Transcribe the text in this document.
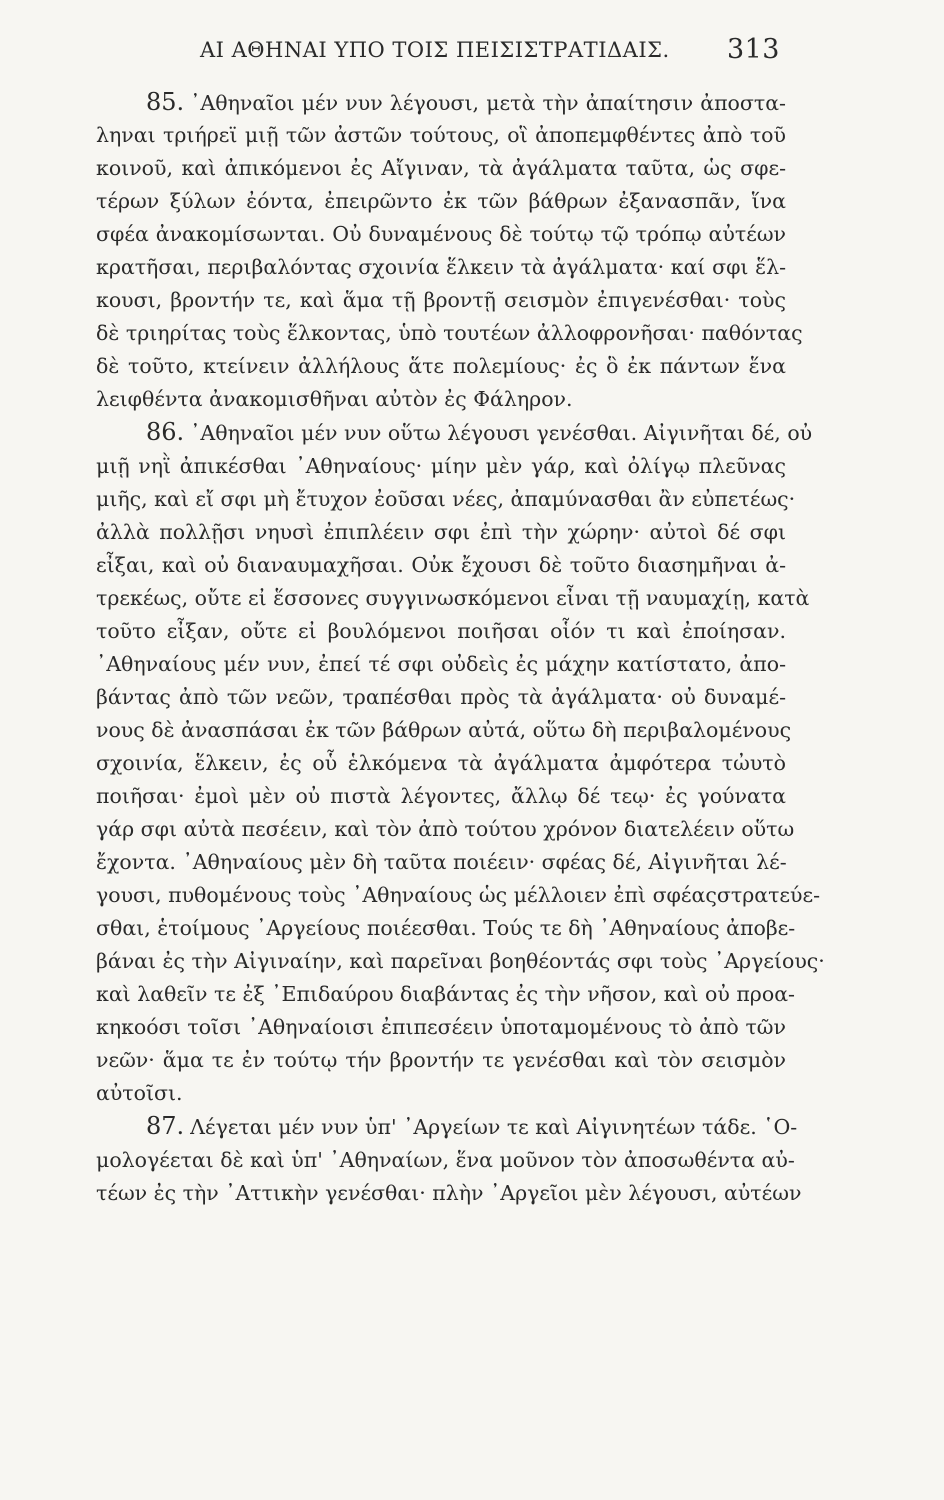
ΑΙ ΑΘΗΝΑΙ ΥΠΟ ΤΟΙΣ ΠΕΙΣΙΣΤΡΑΤΙΔΑΙΣ. 313
85. ᾿Αθηναῖοι μέν νυν λέγουσι, μετὰ τὴν ἀπαίτησιν ἀποστα-
ληναι τριήρεϊ μιῇ τῶν ἀστῶν τούτους, οἳ ἀποπεμφθέντες ἀπὸ τοῦ
κοινοῦ, καὶ ἀπικόμενοι ἐς Αἴγιναν, τὰ ἀγάλματα ταῦτα, ὡς σφε-
τέρων ξύλων ἐόντα, ἐπειρῶντο ἐκ τῶν βάθρων ἐξανασπᾶν, ἵνα
σφέα ἀνακομίσωνται. Οὐ δυναμένους δὲ τούτῳ τῷ τρόπῳ αὐτέων
κρατῆσαι, περιβαλόντας σχοινία ἕλκειν τὰ ἀγάλματα· καί σφι ἕλ-
κουσι, βροντήν τε, καὶ ἅμα τῇ βροντῇ σεισμὸν ἐπιγενέσθαι· τοὺς
δὲ τριηρίτας τοὺς ἕλκοντας, ὑπὸ τουτέων ἀλλοφρονῆσαι· παθόντας
δὲ τοῦτο, κτείνειν ἀλλήλους ἅτε πολεμίους· ἐς ὃ ἐκ πάντων ἕνα
λειφθέντα ἀνακομισθῆναι αὐτὸν ἐς Φάληρον.
86. ᾿Αθηναῖοι μέν νυν οὕτω λέγουσι γενέσθαι. Αἰγινῆται δέ, οὐ
μιῇ νηῒ ἀπικέσθαι ᾿Αθηναίους· μίην μὲν γάρ, καὶ ὀλίγῳ πλεῦνας
μιῆς, καὶ εἴ σφι μὴ ἔτυχον ἐοῦσαι νέες, ἀπαμύνασθαι ἂν εὐπετέως·
ἀλλὰ πολλῇσι νηυσὶ ἐπιπλέειν σφι ἐπὶ τὴν χώρην· αὐτοὶ δέ σφι
εἶξαι, καὶ οὐ διαναυμαχῆσαι. Οὐκ ἔχουσι δὲ τοῦτο διασημῆναι ἀ-
τρεκέως, οὔτε εἰ ἕσσονες συγγινωσκόμενοι εἶναι τῇ ναυμαχίῃ, κατὰ
τοῦτο εἶξαν, οὔτε εἰ βουλόμενοι ποιῆσαι οἷόν τι καὶ ἐποίησαν.
᾿Αθηναίους μέν νυν, ἐπεί τέ σφι οὐδεὶς ἐς μάχην κατίστατο, ἀπο-
βάντας ἀπὸ τῶν νεῶν, τραπέσθαι πρὸς τὰ ἀγάλματα· οὐ δυναμέ-
νους δὲ ἀνασπάσαι ἐκ τῶν βάθρων αὐτά, οὕτω δὴ περιβαλομένους
σχοινία, ἕλκειν, ἐς οὗ ἑλκόμενα τὰ ἀγάλματα ἀμφότερα τὠυτὸ
ποιῆσαι· ἐμοὶ μὲν οὐ πιστὰ λέγοντες, ἄλλῳ δέ τεῳ· ἐς γούνατα
γάρ σφι αὐτὰ πεσέειν, καὶ τὸν ἀπὸ τούτου χρόνον διατελέειν οὕτω
ἔχοντα. ᾿Αθηναίους μὲν δὴ ταῦτα ποιέειν· σφέας δέ, Αἰγινῆται λέ-
γουσι, πυθομένους τοὺς ᾿Αθηναίους ὡς μέλλοιεν ἐπὶ σφέαςστρατεύε-
σθαι, ἑτοίμους ᾿Αργείους ποιέεσθαι. Τούς τε δὴ ᾿Αθηναίους ἀποβε-
βάναι ἐς τὴν Αἰγιναίην, καὶ παρεῖναι βοηθέοντάς σφι τοὺς ᾿Αργείους·
καὶ λαθεῖν τε ἐξ ᾿Επιδαύρου διαβάντας ἐς τὴν νῆσον, καὶ οὐ προα-
κηκοόσι τοῖσι ᾿Αθηναίοισι ἐπιπεσέειν ὑποταμομένους τὸ ἀπὸ τῶν
νεῶν· ἅμα τε ἐν τούτῳ τήν βροντήν τε γενέσθαι καὶ τὸν σεισμὸν
αὐτοῖσι.
87. Λέγεται μέν νυν ὑπ' ᾿Αργείων τε καὶ Αἰγινητέων τάδε. ῾Ο-
μολογέεται δὲ καὶ ὑπ' ᾿Αθηναίων, ἕνα μοῦνον τὸν ἀποσωθέντα αὐ-
τέων ἐς τὴν ᾿Αττικὴν γενέσθαι· πλὴν ᾿Αργεῖοι μὲν λέγουσι, αὐτέων
